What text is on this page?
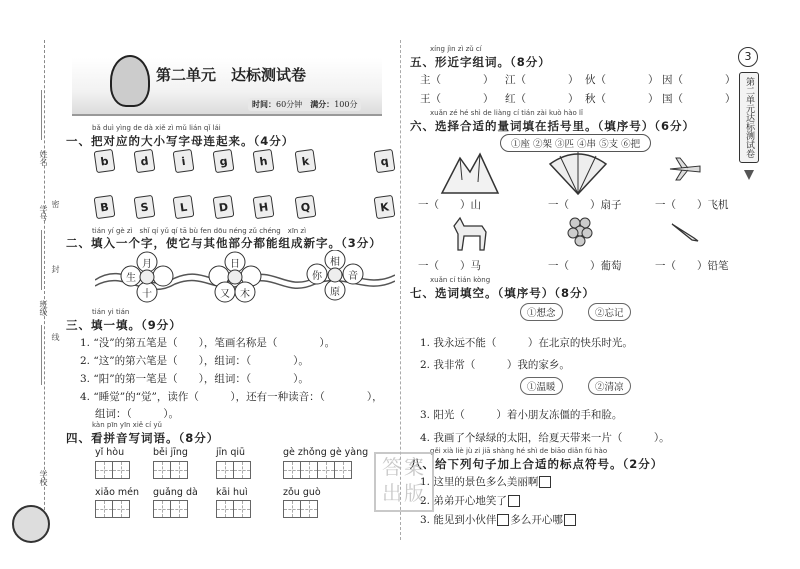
姓名
学号
密
封
班级
线
学校
第二单元　达标测试卷
时间：60分钟　 满分：100分
bǎ duì yìng de dà xiě zì mǔ lián qǐ lái
一、把对应的大小写字母连起来。（4分）
tián yí gè zì　shǐ qí yǔ qí tā bù fen dōu néng zǔ chéng　xīn zì
二、填入一个字，使它与其他部分都能组成新字。（3分）
月
生
十
日
又 木
相
你	音
原
tián yi tián
三、填一填。（9分）
1. “没”的第五笔是（　　），笔画名称是（　　　　）。
2. “这”的第六笔是（　　），组词：（　　　　）。
3. “阳”的第一笔是（　　），组词：（　　　　）。
4. “睡觉”的“觉”，读作（　　　），还有一种读音：（　　　　），
组词：（　　　）。
kàn pīn yīn xiě cí yǔ
四、看拼音写词语。（8分）
3
第二单元达标测试卷
xíng jìn zì zǔ cí
五、形近字组词。（8分）
xuǎn zé hé shì de liàng cí tián zài kuò hào lǐ
六、选择合适的量词填在括号里。（填序号）（6分）
①座 ②架 ③匹 ④串 ⑤支 ⑥把
一（　　）山	一（　　）扇子	一（　　）飞机
一（　　）马	一（　　）葡萄	一（　　）铅笔
xuǎn cí tián kòng
七、选词填空。（填序号）（8分）
①想念	②忘记
1. 我永远不能（　　　）在北京的快乐时光。
2. 我非常（　　　）我的家乡。
①温暖	②清凉
3. 阳光（　　　）着小朋友冻僵的手和脸。
4. 我画了个绿绿的太阳，给夏天带来一片（　　　）。
gěi xià liè jù zi jiā shàng hé shì de biāo diǎn fú hào
八、给下列句子加上合适的标点符号。（2分）
1. 这里的景色多么美丽啊
2. 弟弟开心地笑了
3. 能见到小伙伴 多么开心哪
答案出版
b	d	i	g	h	k	q
B	S	L	D	H	Q	K
yǐ hòu	běi jīng	jīn qiū	gè zhǒng gè yàng
xiǎo mén guǎng dà kāi huì	zǒu guò
主（　　　　） 江（　　　　） 伙（　　　　） 因（　　　　）
王（　　　　） 红（　　　　） 秋（　　　　） 国（　　　　）
